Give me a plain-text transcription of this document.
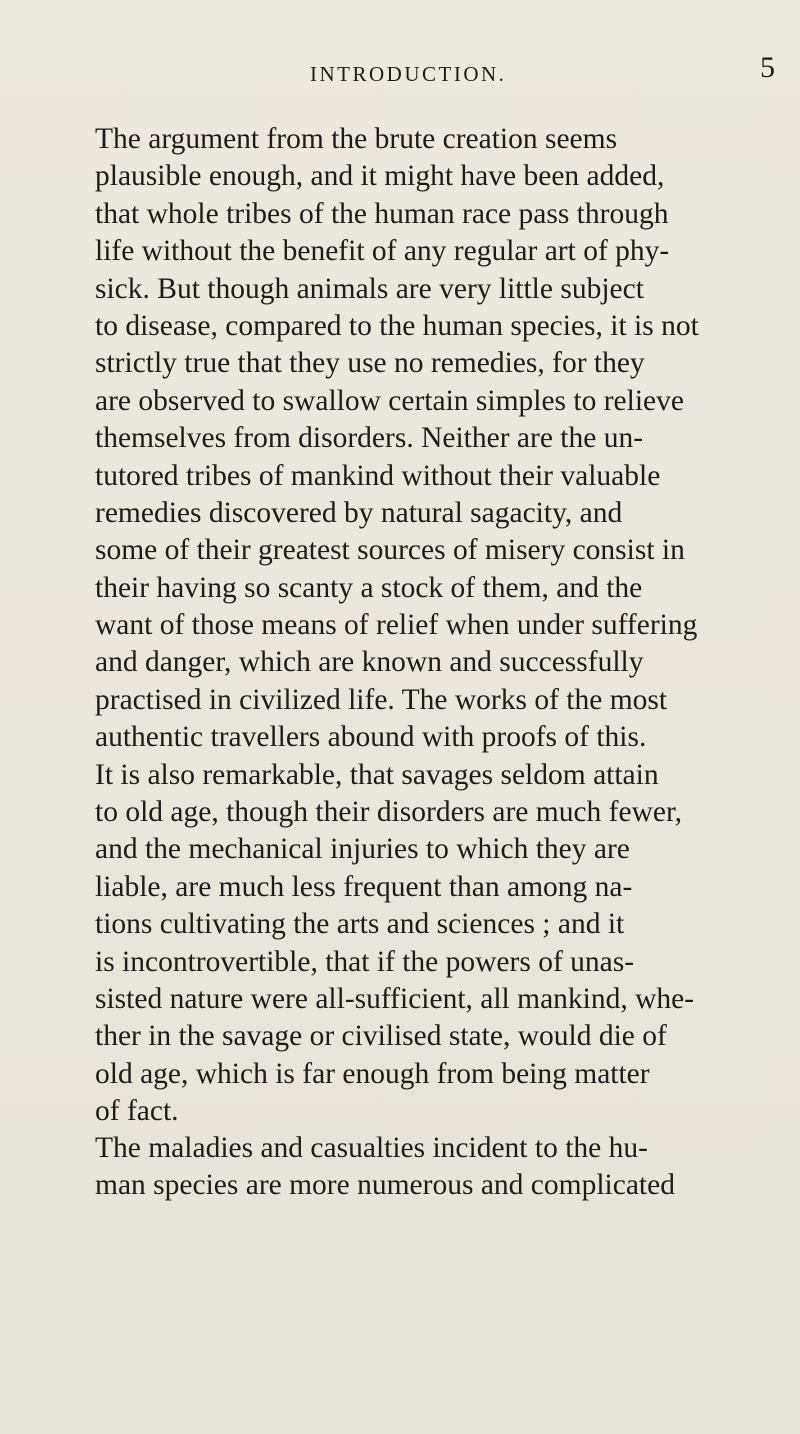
INTRODUCTION.	5
The argument from the brute creation seems
plausible enough, and it might have been added,
that whole tribes of the human race pass through
life without the benefit of any regular art of phy-
sick. But though animals are very little subject
to disease, compared to the human species, it is not
strictly true that they use no remedies, for they
are observed to swallow certain simples to relieve
themselves from disorders. Neither are the un-
tutored tribes of mankind without their valuable
remedies discovered by natural sagacity, and
some of their greatest sources of misery consist in
their having so scanty a stock of them, and the
want of those means of relief when under suffering
and danger, which are known and successfully
practised in civilized life. The works of the most
authentic travellers abound with proofs of this.
It is also remarkable, that savages seldom attain
to old age, though their disorders are much fewer,
and the mechanical injuries to which they are
liable, are much less frequent than among na-
tions cultivating the arts and sciences ; and it
is incontrovertible, that if the powers of unas-
sisted nature were all-sufficient, all mankind, whe-
ther in the savage or civilised state, would die of
old age, which is far enough from being matter
of fact.
The maladies and casualties incident to the hu-
man species are more numerous and complicated
